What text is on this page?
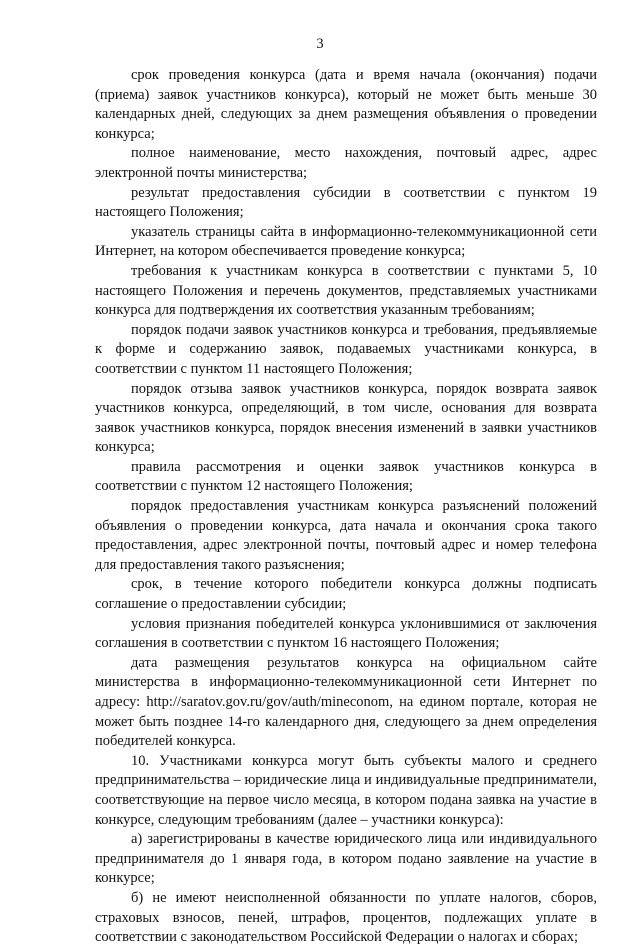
3

срок проведения конкурса (дата и время начала (окончания) подачи (приема) заявок участников конкурса), который не может быть меньше 30 календарных дней, следующих за днем размещения объявления о проведении конкурса;

полное наименование, место нахождения, почтовый адрес, адрес электронной почты министерства;

результат предоставления субсидии в соответствии с пунктом 19 настоящего Положения;

указатель страницы сайта в информационно-телекоммуникационной сети Интернет, на котором обеспечивается проведение конкурса;

требования к участникам конкурса в соответствии с пунктами 5, 10 настоящего Положения и перечень документов, представляемых участниками конкурса для подтверждения их соответствия указанным требованиям;

порядок подачи заявок участников конкурса и требования, предъявляемые к форме и содержанию заявок, подаваемых участниками конкурса, в соответствии с пунктом 11 настоящего Положения;

порядок отзыва заявок участников конкурса, порядок возврата заявок участников конкурса, определяющий, в том числе, основания для возврата заявок участников конкурса, порядок внесения изменений в заявки участников конкурса;

правила рассмотрения и оценки заявок участников конкурса в соответствии с пунктом 12 настоящего Положения;

порядок предоставления участникам конкурса разъяснений положений объявления о проведении конкурса, дата начала и окончания срока такого предоставления, адрес электронной почты, почтовый адрес и номер телефона для предоставления такого разъяснения;

срок, в течение которого победители конкурса должны подписать соглашение о предоставлении субсидии;

условия признания победителей конкурса уклонившимися от заключения соглашения в соответствии с пунктом 16 настоящего Положения;

дата размещения результатов конкурса на официальном сайте министерства в информационно-телекоммуникационной сети Интернет по адресу: http://saratov.gov.ru/gov/auth/mineconom, на едином портале, которая не может быть позднее 14-го календарного дня, следующего за днем определения победителей конкурса.

10. Участниками конкурса могут быть субъекты малого и среднего предпринимательства – юридические лица и индивидуальные предприниматели, соответствующие на первое число месяца, в котором подана заявка на участие в конкурсе, следующим требованиям (далее – участники конкурса):

а) зарегистрированы в качестве юридического лица или индивидуального предпринимателя до 1 января года, в котором подано заявление на участие в конкурсе;

б) не имеют неисполненной обязанности по уплате налогов, сборов, страховых взносов, пеней, штрафов, процентов, подлежащих уплате в соответствии с законодательством Российской Федерации о налогах и сборах;
